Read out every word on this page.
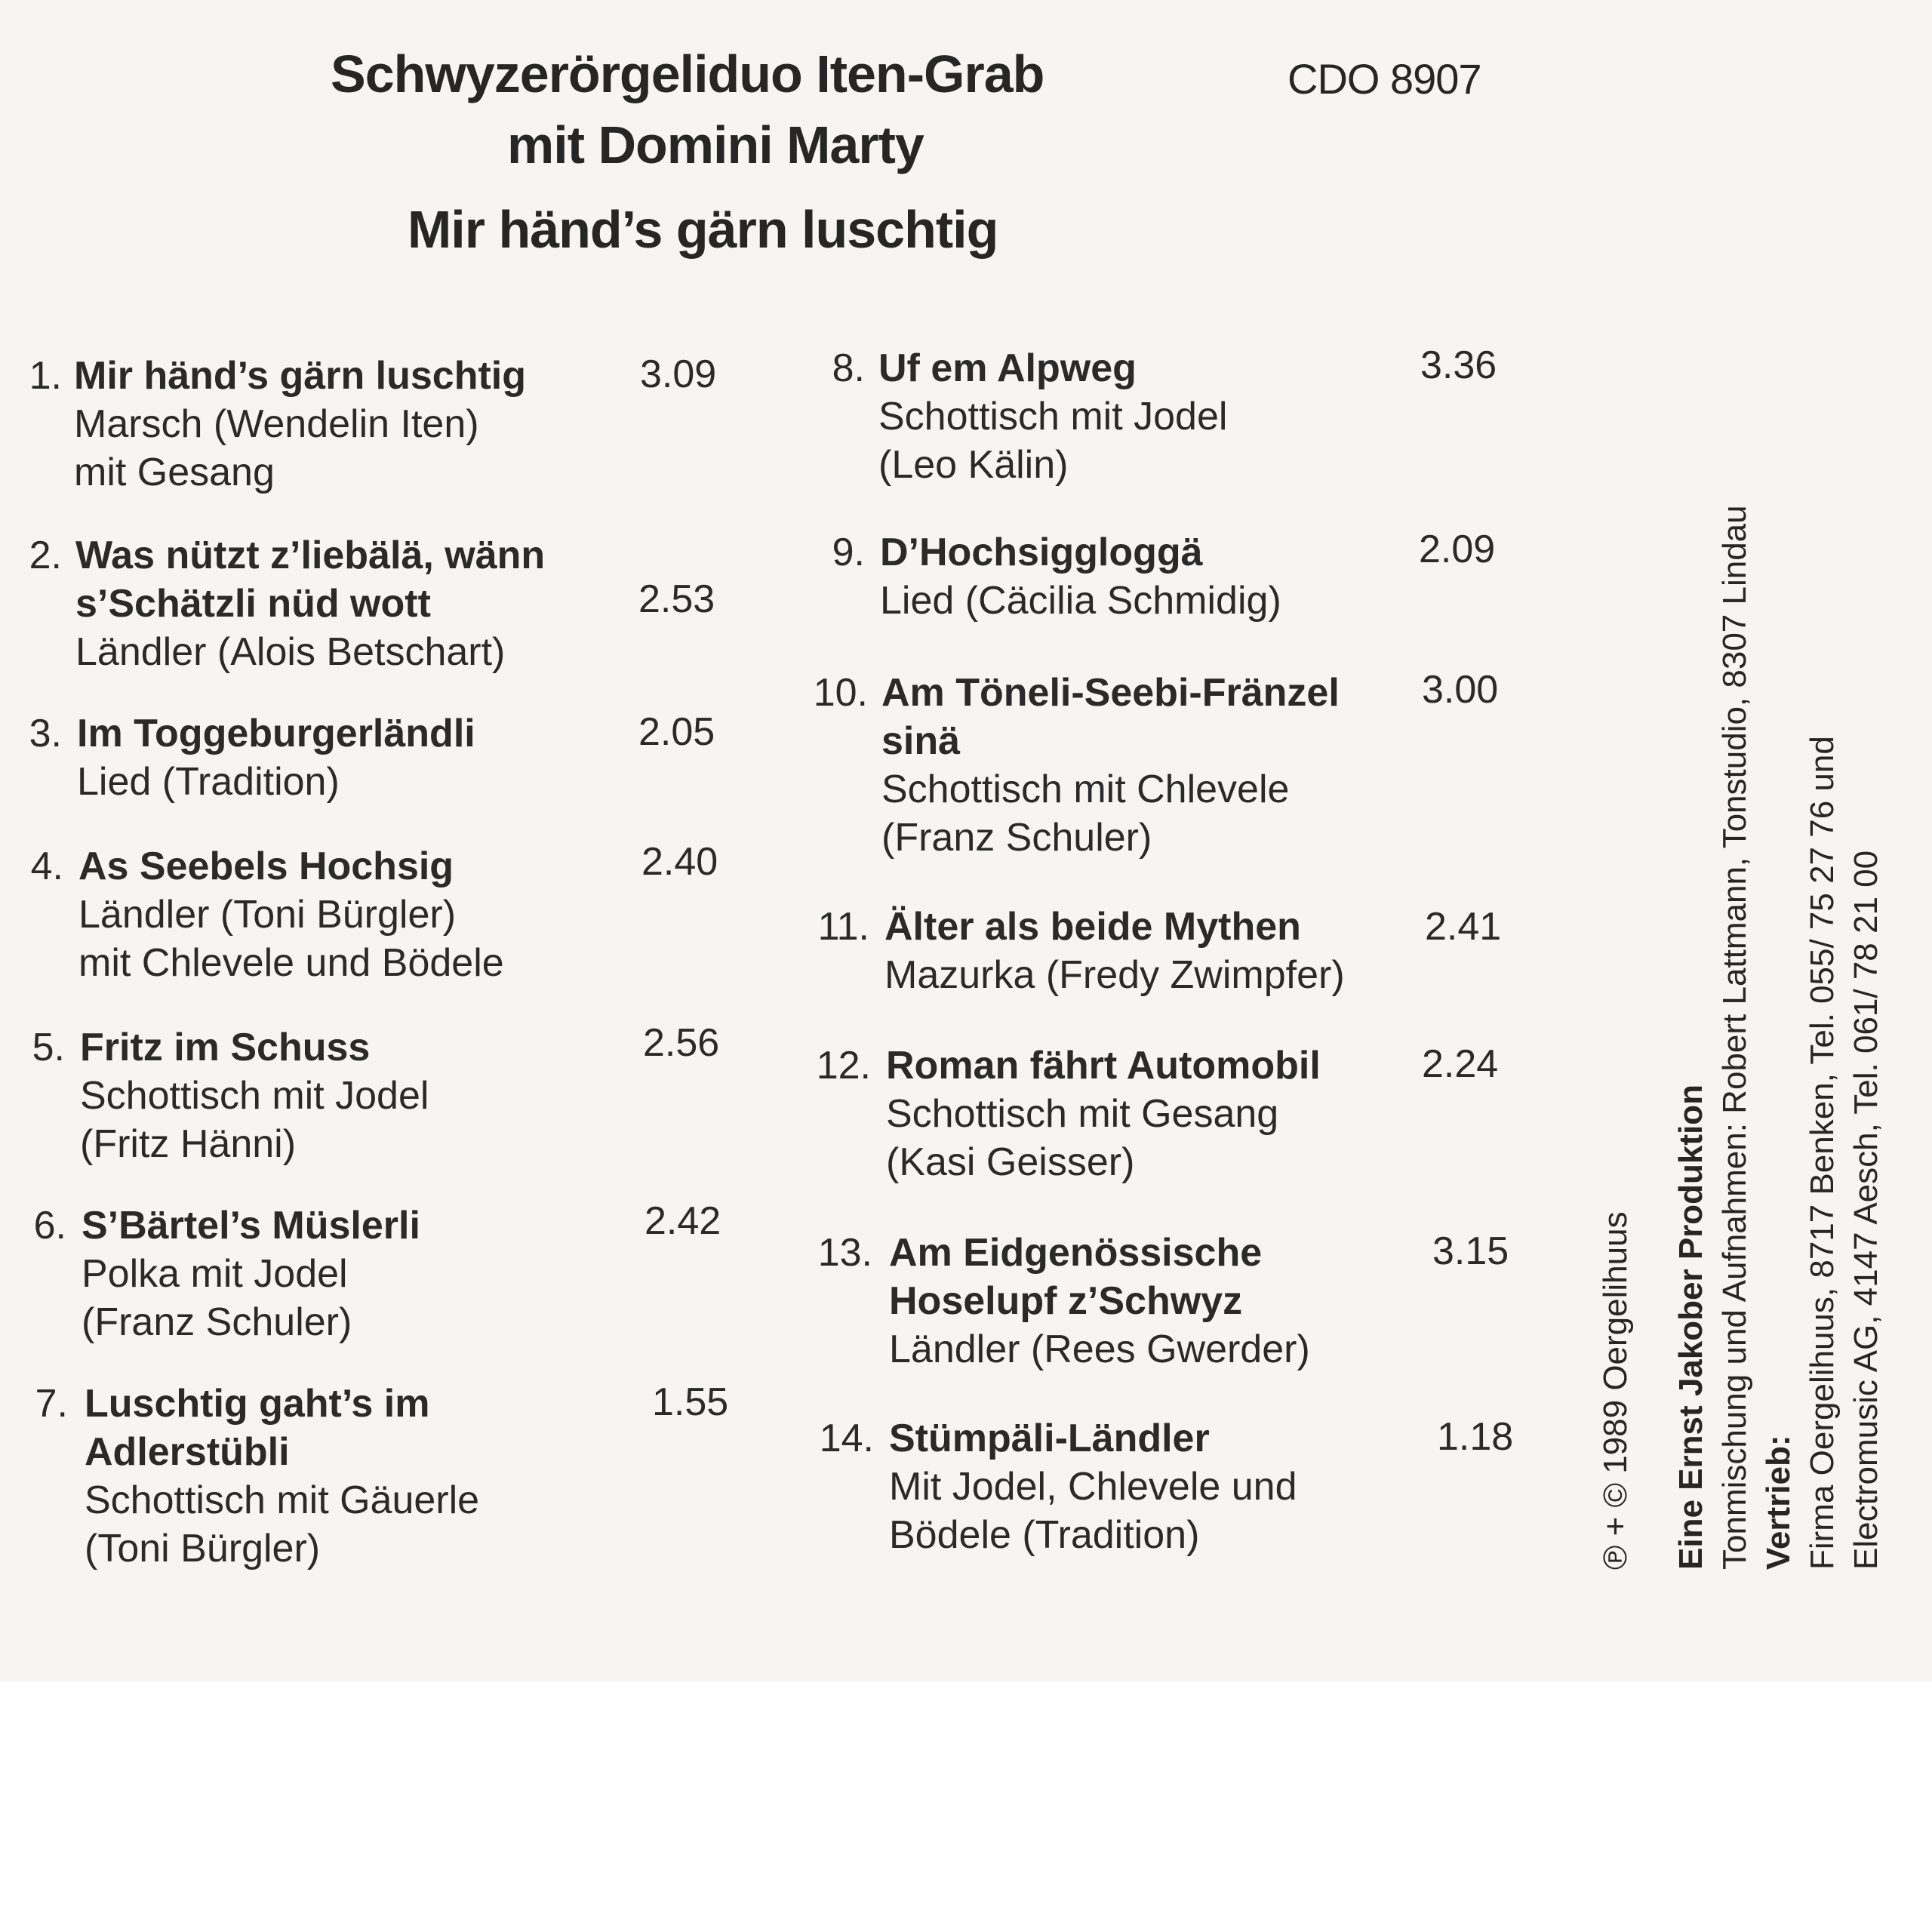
Schwyzerörgeliduo Iten-Grab
mit Domini Marty
Mir händ’s gärn luschtig
CDO 8907
1. Mir händ’s gärn luschtig
Marsch (Wendelin Iten)
mit Gesang
3.09
2. Was nützt z’liebälä, wänn
s’Schätzli nüd wott
Ländler (Alois Betschart)
2.53
3. Im Toggeburgerländli
Lied (Tradition)
2.05
4. As Seebels Hochsig
Ländler (Toni Bürgler)
mit Chlevele und Bödele
2.40
5. Fritz im Schuss
Schottisch mit Jodel
(Fritz Hänni)
2.56
6. S’Bärtel’s Müslerli
Polka mit Jodel
(Franz Schuler)
2.42
7. Luschtig gaht’s im
Adlerstübli
Schottisch mit Gäuerle
(Toni Bürgler)
1.55
8. Uf em Alpweg
Schottisch mit Jodel
(Leo Kälin)
3.36
9. D’Hochsiggloggä
Lied (Cäcilia Schmidig)
2.09
10. Am Töneli-Seebi-Fränzel
sinä
Schottisch mit Chlevele
(Franz Schuler)
3.00
11. Älter als beide Mythen
Mazurka (Fredy Zwimpfer)
2.41
12. Roman fährt Automobil
Schottisch mit Gesang
(Kasi Geisser)
2.24
13. Am Eidgenössische
Hoselupf z’Schwyz
Ländler (Rees Gwerder)
3.15
14. Stümpäli-Ländler
Mit Jodel, Chlevele und
Bödele (Tradition)
1.18	℗ + © 1989 Oergelihuus Eine Ernst Jakober Produktion Tonmischung und Aufnahmen: Robert Lattmann, Tonstudio, 8307 Lindau Vertrieb: Firma Oergelihuus, 8717 Benken, Tel. 055/ 75 27 76 und Electromusic AG, 4147 Aesch, Tel. 061/ 78 21 00
